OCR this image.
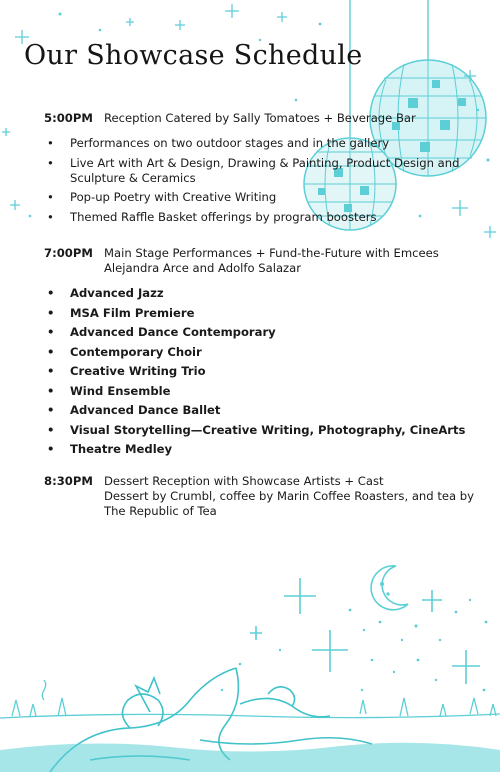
Our Showcase Schedule
5:00PM Reception Catered by Sally Tomatoes + Beverage Bar
• Performances on two outdoor stages and in the gallery
• Live Art with Art & Design, Drawing & Painting, Product Design and Sculpture & Ceramics
• Pop-up Poetry with Creative Writing
• Themed Raffle Basket offerings by program boosters
7:00PM Main Stage Performances + Fund-the-Future with Emcees Alejandra Arce and Adolfo Salazar
• Advanced Jazz
• MSA Film Premiere
• Advanced Dance Contemporary
• Contemporary Choir
• Creative Writing Trio
• Wind Ensemble
• Advanced Dance Ballet
• Visual Storytelling—Creative Writing, Photography, CineArts
• Theatre Medley
8:30PM Dessert Reception with Showcase Artists + Cast
Dessert by Crumbl, coffee by Marin Coffee Roasters, and tea by The Republic of Tea
